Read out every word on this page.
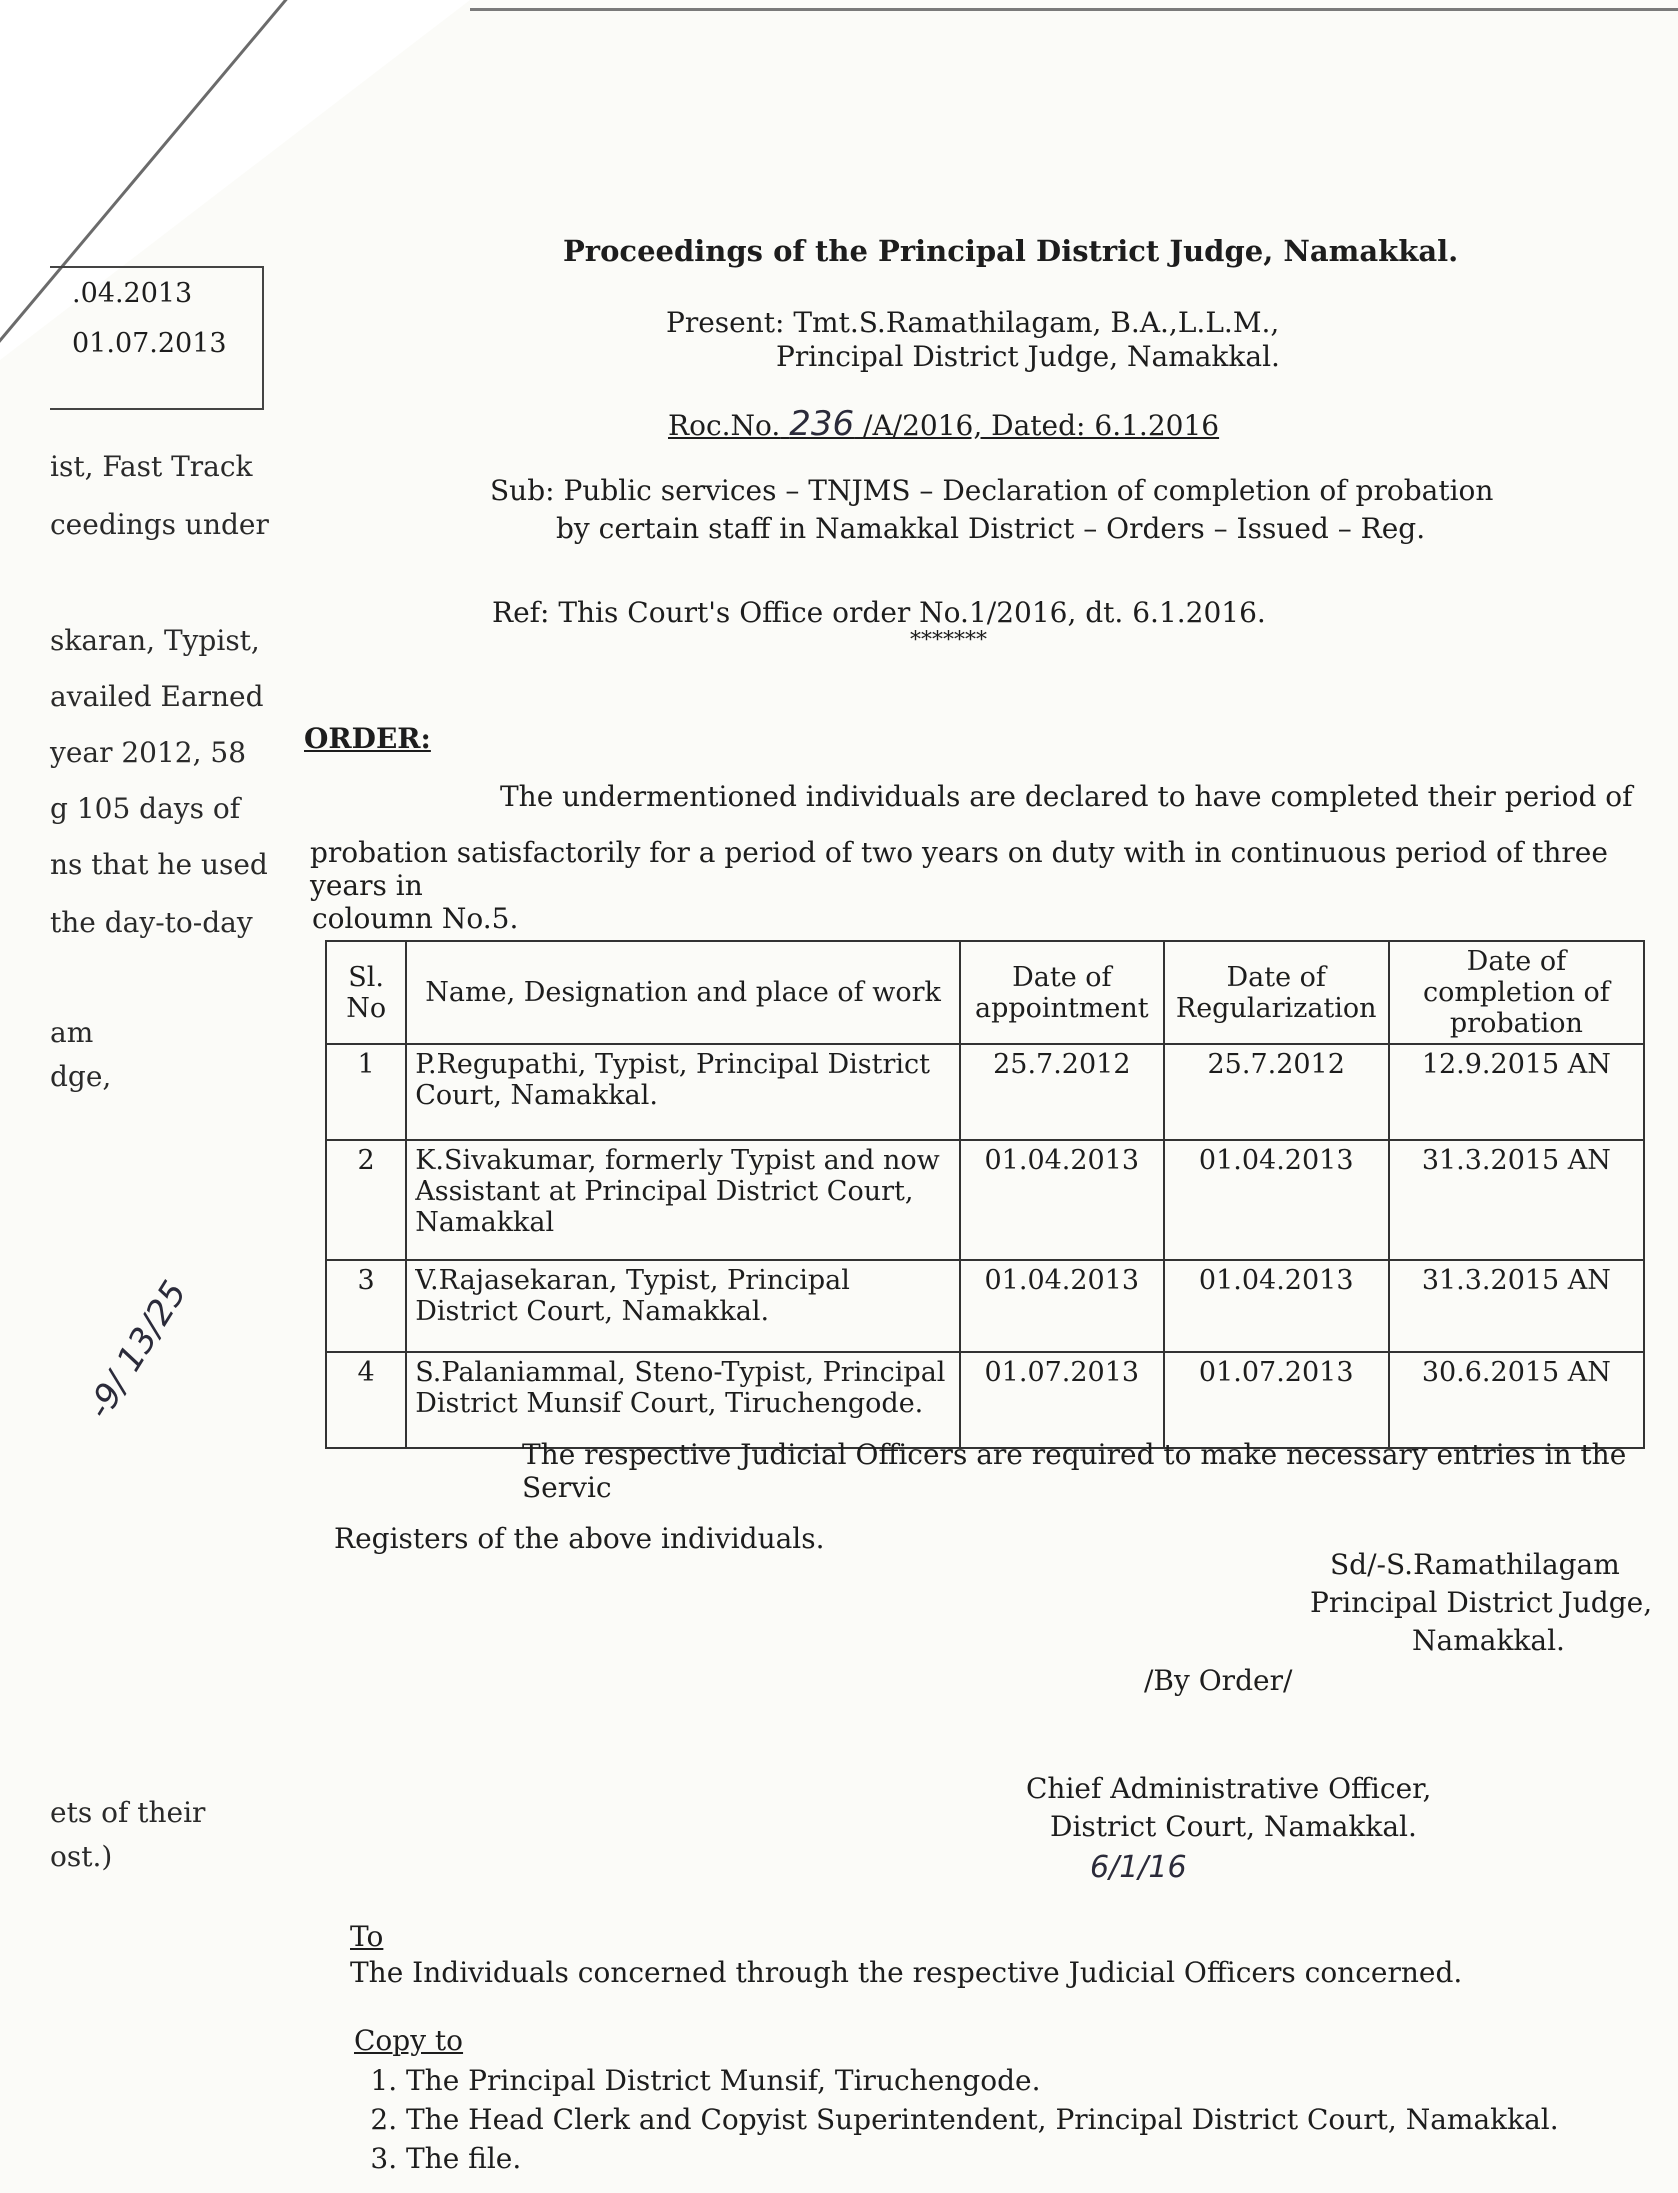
.04.2013
01.07.2013
ist, Fast Track
ceedings under
skaran, Typist,
availed Earned
year 2012, 58
g 105 days of
ns that he used
the day-to-day
am
dge,
ets of their
ost.)
-9/ 13/25
Proceedings of the Principal District Judge, Namakkal.
Present: Tmt.S.Ramathilagam, B.A.,L.L.M.,
Principal District Judge, Namakkal.
Roc.No. 236 /A/2016, Dated: 6.1.2016
Sub: Public services – TNJMS – Declaration of completion of probation
by certain staff in Namakkal District – Orders – Issued – Reg.
Ref: This Court's Office order No.1/2016, dt. 6.1.2016.
*******
ORDER:
The undermentioned individuals are declared to have completed their period of
probation satisfactorily for a period of two years on duty with in continuous period of three years in
coloumn No.5.
Sl. No	Name, Designation and place of work	Date of appointment	Date of Regularization	Date of completion of probation
1	P.Regupathi, Typist, Principal District Court, Namakkal.	25.7.2012	25.7.2012	12.9.2015 AN
2	K.Sivakumar, formerly Typist and now Assistant at Principal District Court, Namakkal	01.04.2013	01.04.2013	31.3.2015 AN
3	V.Rajasekaran, Typist, Principal District Court, Namakkal.	01.04.2013	01.04.2013	31.3.2015 AN
4	S.Palaniammal, Steno-Typist, Principal District Munsif Court, Tiruchengode.	01.07.2013	01.07.2013	30.6.2015 AN
The respective Judicial Officers are required to make necessary entries in the Servic
Registers of the above individuals.
Sd/-S.Ramathilagam
Principal District Judge,
Namakkal.
/By Order/
Chief Administrative Officer,
District Court, Namakkal.
6/1/16
To
The Individuals concerned through the respective Judicial Officers concerned.
Copy to
1. The Principal District Munsif, Tiruchengode.
2. The Head Clerk and Copyist Superintendent, Principal District Court, Namakkal.
3. The file.
